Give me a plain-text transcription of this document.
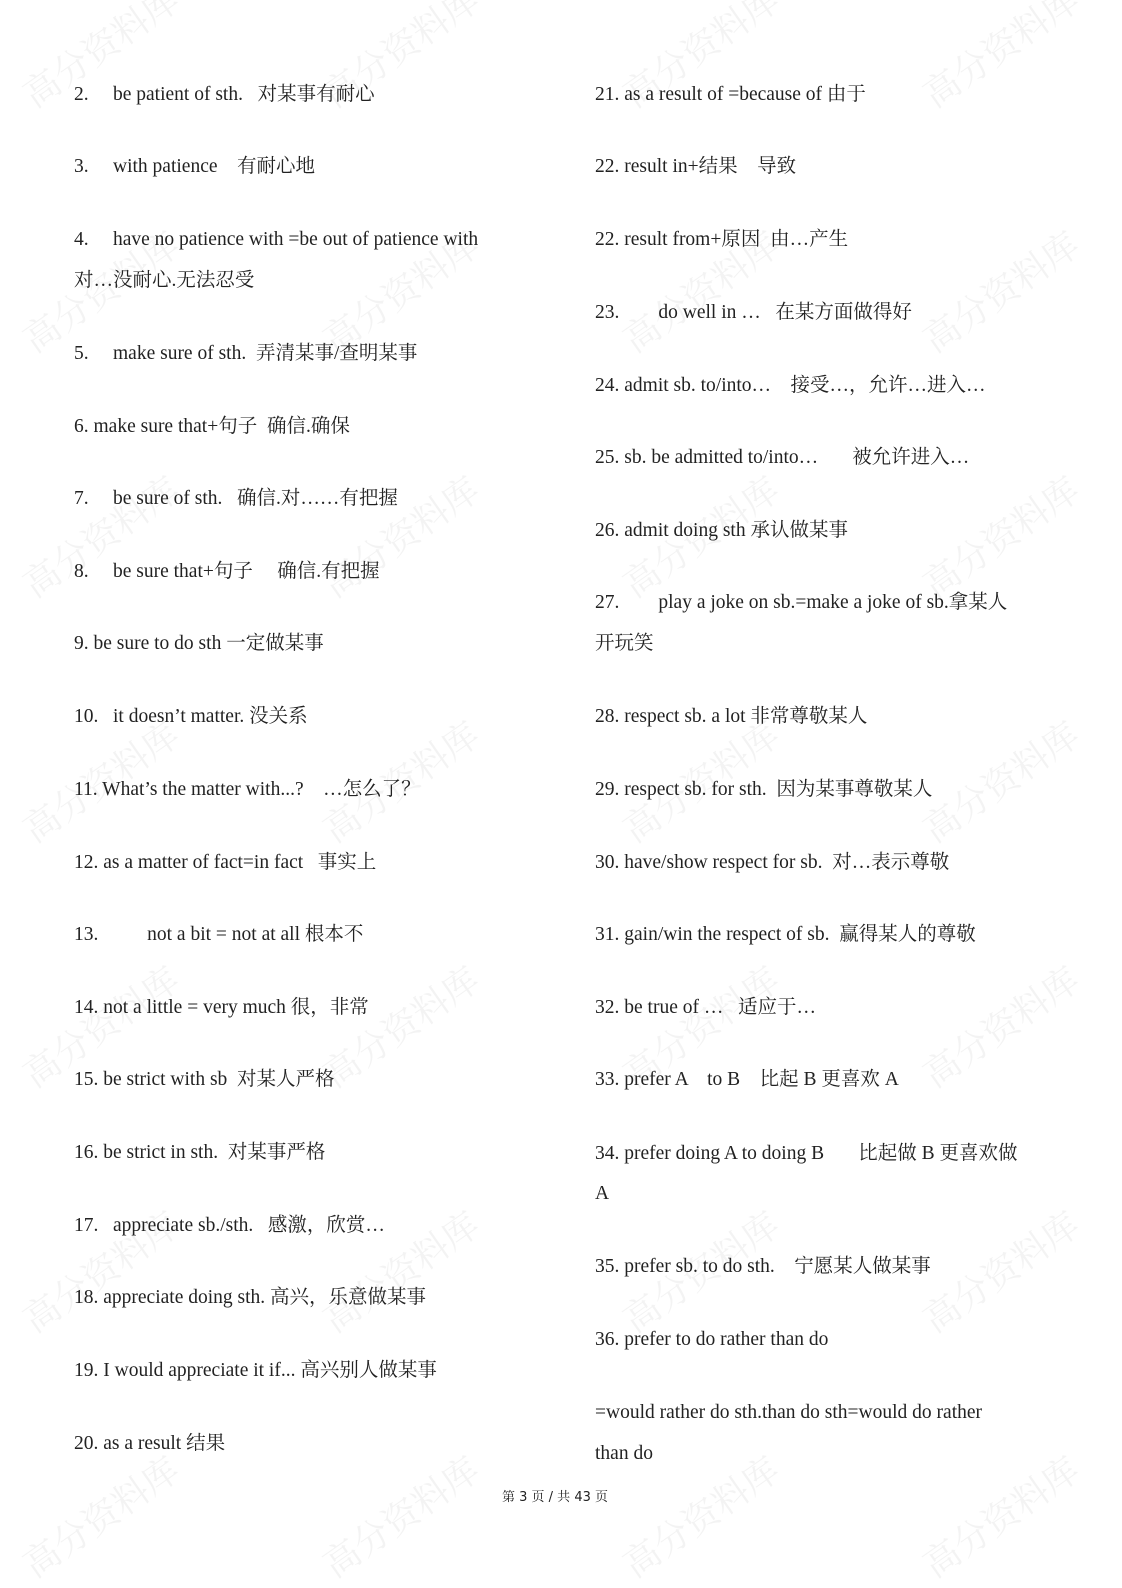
2.     be patient of sth.   对某事有耐心
3.     with patience    有耐心地
4.     have no patience with =be out of patience with
对…没耐心.无法忍受
5.     make sure of sth.  弄清某事/查明某事
6. make sure that+句子  确信.确保
7.     be sure of sth.   确信.对……有把握
8.     be sure that+句子     确信.有把握
9. be sure to do sth 一定做某事
10.   it doesn’t matter. 没关系
11. What’s the matter with...?    …怎么了？
12. as a matter of fact=in fact   事实上
13.          not a bit = not at all 根本不
14. not a little = very much 很，非常
15. be strict with sb  对某人严格
16. be strict in sth.  对某事严格
17.   appreciate sb./sth.   感激，欣赏…
18. appreciate doing sth. 高兴，乐意做某事
19. I would appreciate it if... 高兴别人做某事
20. as a result 结果
21. as a result of =because of 由于
22. result in+结果    导致
22. result from+原因  由…产生
23.        do well in …   在某方面做得好
24. admit sb. to/into…    接受…，允许…进入…
25. sb. be admitted to/into…       被允许进入…
26. admit doing sth 承认做某事
27.        play a joke on sb.=make a joke of sb.拿某人
开玩笑
28. respect sb. a lot 非常尊敬某人
29. respect sb. for sth.  因为某事尊敬某人
30. have/show respect for sb.  对…表示尊敬
31. gain/win the respect of sb.  赢得某人的尊敬
32. be true of …   适应于…
33. prefer A    to B    比起 B 更喜欢 A
34. prefer doing A to doing B       比起做 B 更喜欢做
A
35. prefer sb. to do sth.    宁愿某人做某事
36. prefer to do rather than do
=would rather do sth.than do sth=would do rather
than do
第 3 页 / 共 43 页
